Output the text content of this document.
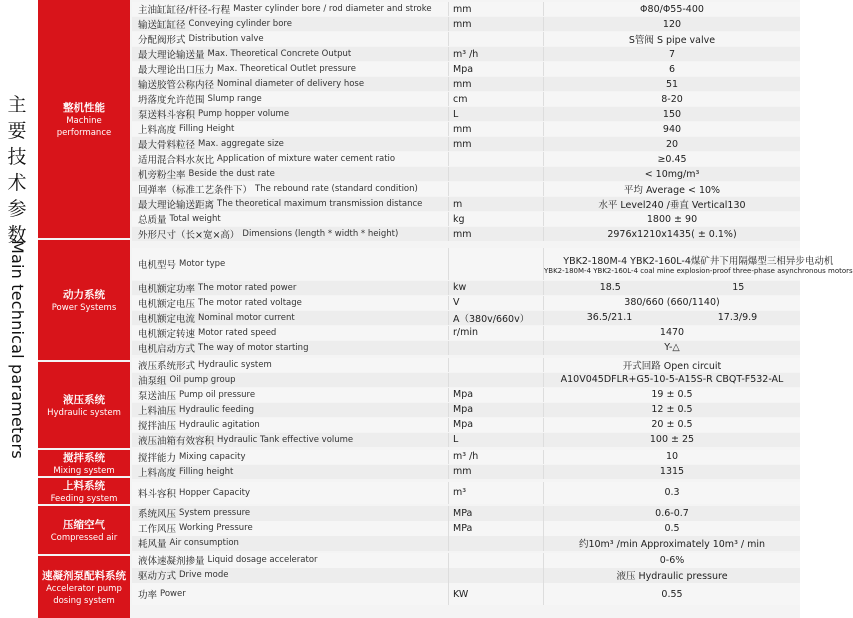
主
要
技
术
参
数
Main technical parameters
整机性能
Machine performance
动力系统
Power Systems
液压系统
Hydraulic system
搅拌系统
Mixing system
上料系统
Feeding system
压缩空气
Compressed air
速凝剂泵配料系统
Accelerator pump dosing system
主油缸缸径/杆径-行程 Master cylinder bore / rod diameter and stroke	mm	Φ80/Φ55-400
输送缸缸径 Conveying cylinder bore	mm	120
分配阀形式 Distribution valve	S管阀 S pipe valve
最大理论输送量 Max. Theoretical Concrete Output	m³ /h	7
最大理论出口压力 Max. Theoretical Outlet pressure	Mpa	6
输送胶管公称内径 Nominal diameter of delivery hose	mm	51
坍落度允许范围 Slump range	cm	8-20
泵送料斗容积 Pump hopper volume	L	150
上料高度 Filling Height	mm	940
最大骨料粒径 Max. aggregate size	mm	20
适用混合料水灰比 Application of mixture water cement ratio	≥0.45
机旁粉尘率 Beside the dust rate	< 10mg/m³
回弹率（标准工艺条件下） The rebound rate (standard condition)	平均 Average < 10%
最大理论输送距离 The theoretical maximum transmission distance	m	水平 Level240 /垂直 Vertical130
总质量 Total weight	kg	1800 ± 90
外形尺寸（长×宽×高） Dimensions (length * width * height)	mm	2976x1210x1435( ± 0.1%)
电机型号 Motor type	YBK2-180M-4 YBK2-160L-4煤矿井下用隔爆型三相异步电动机
YBK2-180M-4 YBK2-160L-4 coal mine explosion-proof three-phase asynchronous motors
电机额定功率 The motor rated power	kw	18.5	15
电机额定电压 The motor rated voltage	V	380/660 (660/1140)
电机额定电流 Nominal motor current	A（380v/660v）	36.5/21.1	17.3/9.9
电机额定转速 Motor rated speed	r/min	1470
电机启动方式 The way of motor starting	Y-△
液压系统形式 Hydraulic system	开式回路 Open circuit
油泵组 Oil pump group	A10V045DFLR+G5-10-5-A15S-R CBQT-F532-AL
泵送油压 Pump oil pressure	Mpa	19 ± 0.5
上料油压 Hydraulic feeding	Mpa	12 ± 0.5
搅拌油压 Hydraulic agitation	Mpa	20 ± 0.5
液压油箱有效容积 Hydraulic Tank effective volume	L	100 ± 25
搅拌能力 Mixing capacity	m³ /h	10
上料高度 Filling height	mm	1315
料斗容积 Hopper Capacity	m³	0.3
系统风压 System pressure	MPa	0.6-0.7
工作风压 Working Pressure	MPa	0.5
耗风量 Air consumption	约10m³ /min Approximately 10m³ / min
液体速凝剂掺量 Liquid dosage accelerator	0-6%
驱动方式 Drive mode	液压 Hydraulic pressure
功率 Power	KW	0.55
